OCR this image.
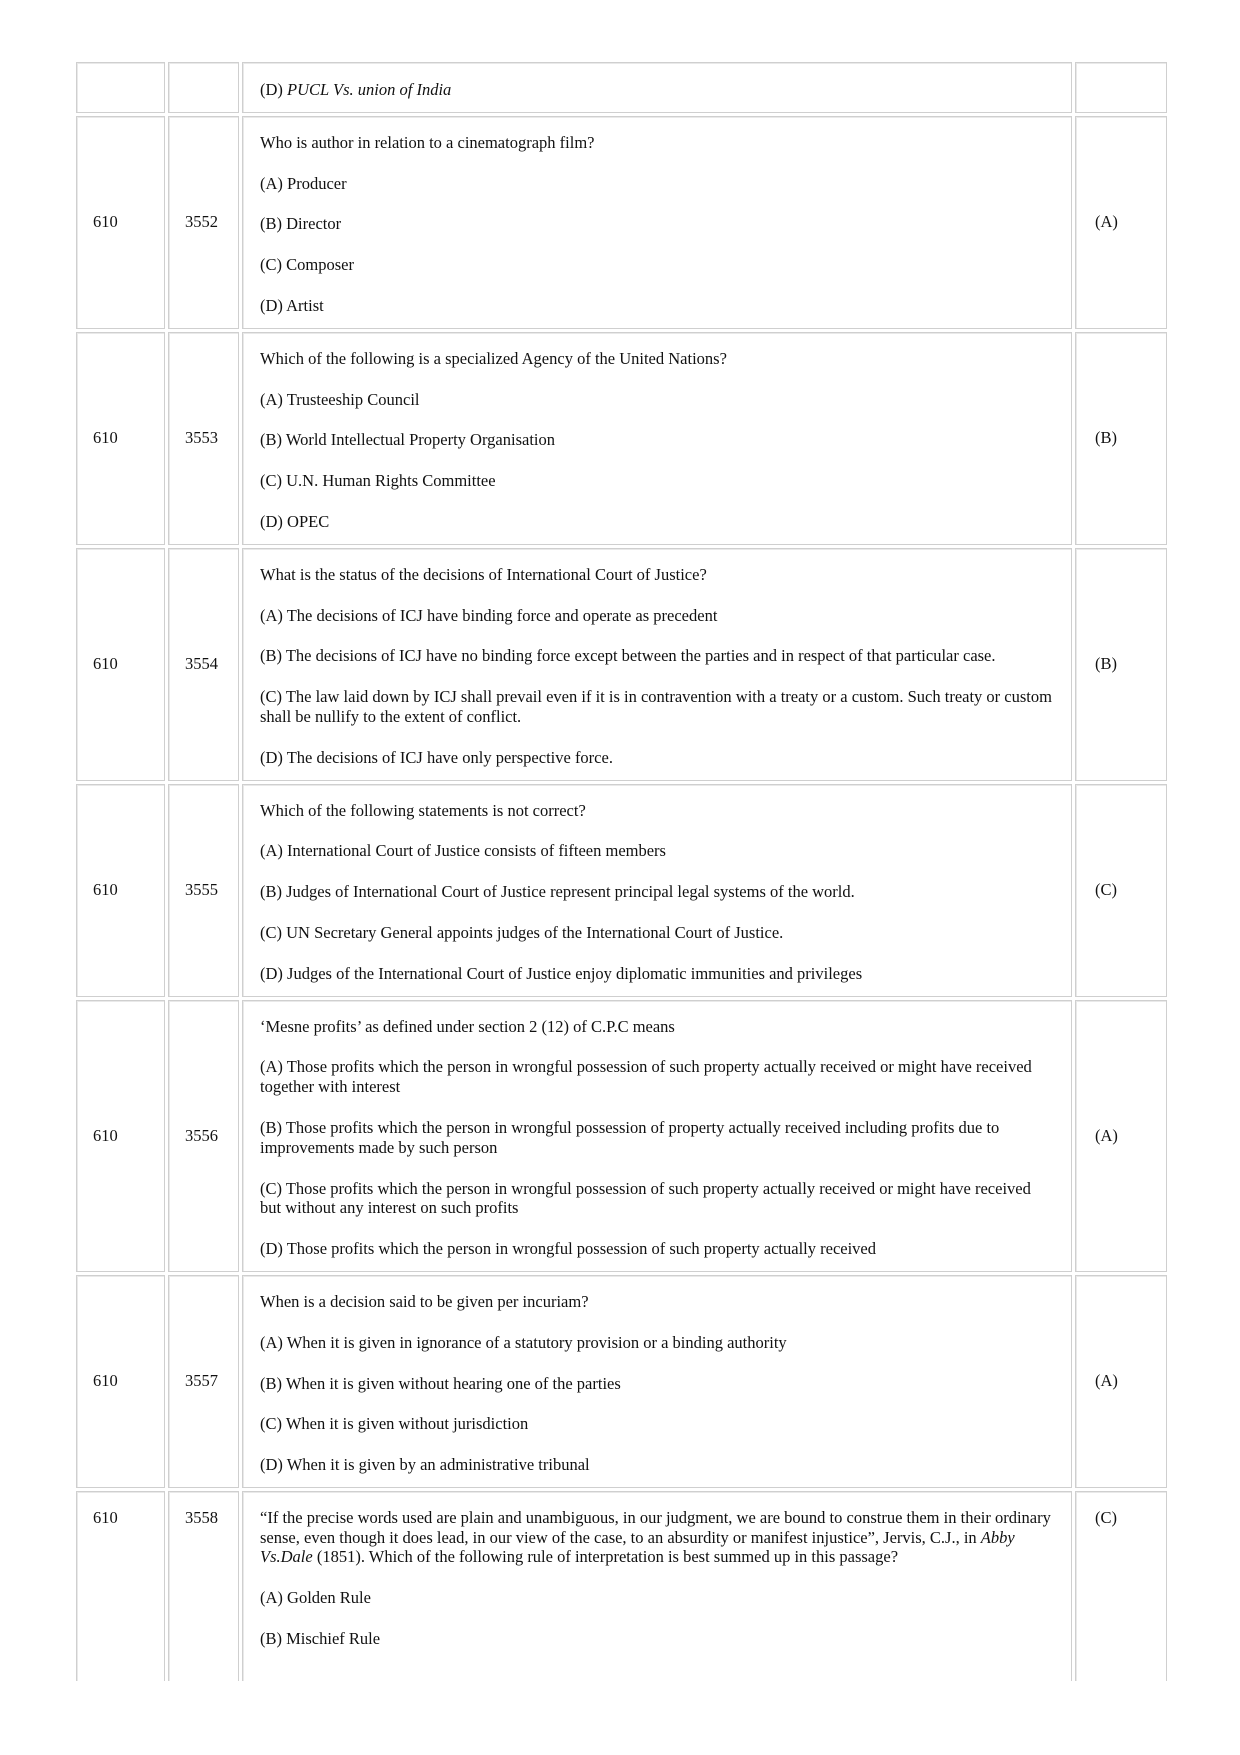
		(D) PUCL Vs. union of India	

610	3552	Who is author in relation to a cinematograph film?

(A) Producer

(B) Director

(C) Composer

(D) Artist	(A)
610	3553	Which of the following is a specialized Agency of the United Nations?

(A) Trusteeship Council

(B) World Intellectual Property Organisation

(C) U.N. Human Rights Committee

(D) OPEC	(B)
610	3554	What is the status of the decisions of International Court of Justice?

(A) The decisions of ICJ have binding force and operate as precedent

(B) The decisions of ICJ have no binding force except between the parties and in respect of that particular case.

(C) The law laid down by ICJ shall prevail even if it is in contravention with a treaty or a custom. Such treaty or custom shall be nullify to the extent of conflict.

(D) The decisions of ICJ have only perspective force.	(B)
610	3555	Which of the following statements is not correct?

(A) International Court of Justice consists of fifteen members

(B) Judges of International Court of Justice represent principal legal systems of the world.

(C) UN Secretary General appoints judges of the International Court of Justice.

(D) Judges of the International Court of Justice enjoy diplomatic immunities and privileges	(C)
610	3556	‘Mesne profits’ as defined under section 2 (12) of C.P.C means

(A) Those profits which the person in wrongful possession of such property actually received or might have received together with interest

(B) Those profits which the person in wrongful possession of property actually received including profits due to improvements made by such person

(C) Those profits which the person in wrongful possession of such property actually received or might have received but without any interest on such profits

(D) Those profits which the person in wrongful possession of such property actually received	(A)
610	3557	When is a decision said to be given per incuriam?

(A) When it is given in ignorance of a statutory provision or a binding authority

(B) When it is given without hearing one of the parties

(C) When it is given without jurisdiction

(D) When it is given by an administrative tribunal	(A)
610	3558	“If the precise words used are plain and unambiguous, in our judgment, we are bound to construe them in their ordinary sense, even though it does lead, in our view of the case, to an absurdity or manifest injustice”, Jervis, C.J., in Abby Vs.Dale (1851). Which of the following rule of interpretation is best summed up in this passage?

(A) Golden Rule

(B) Mischief Rule	(C)
